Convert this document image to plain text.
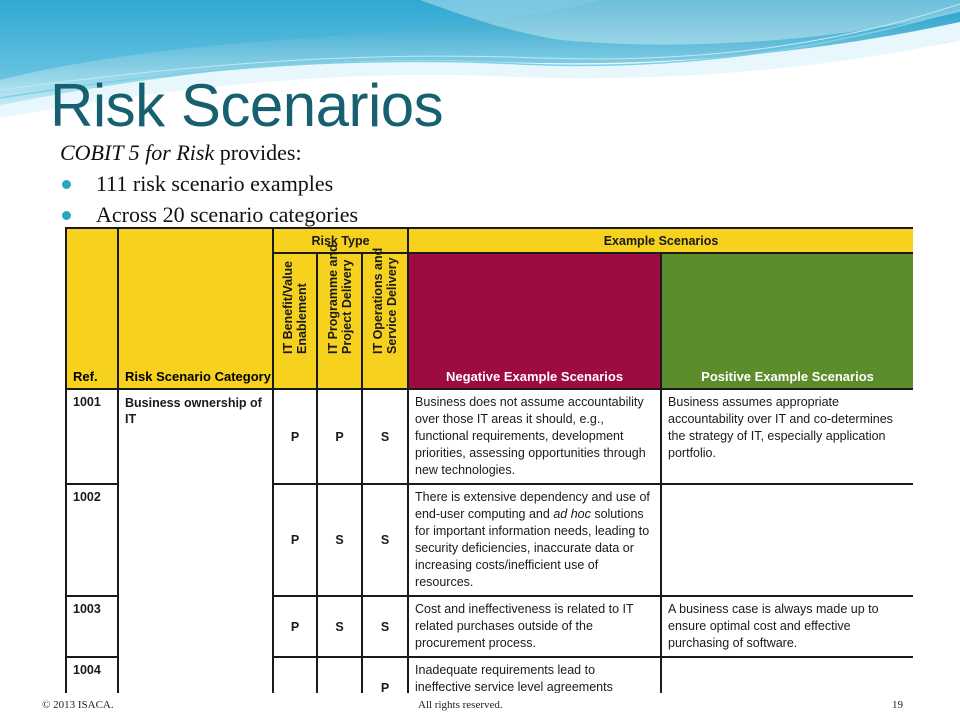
Risk Scenarios
COBIT 5 for Risk provides:
111 risk scenario examples
Across 20 scenario categories
Ref.	Risk Scenario Category	Risk Type			Example Scenarios	

		IT Benefit/Value Enablement	IT Programme and Project Delivery	IT Operations and Service Delivery	Negative Example Scenarios	Positive Example Scenarios
1001	Business ownership of IT	P	P	S	Business does not assume accountability over those IT areas it should, e.g., functional requirements, development priorities, assessing opportunities through new technologies.	Business assumes appropriate accountability over IT and co-determines the strategy of IT, especially application portfolio.
1002		P	S	S	There is extensive dependency and use of end-user computing and ad hoc solutions for important information needs, leading to security deficiencies, inaccurate data or increasing costs/inefficient use of resources.	
1003		P	S	S	Cost and ineffectiveness is related to IT related purchases outside of the procurement process.	A business case is always made up to ensure optimal cost and effective purchasing of software.
1004				P	Inadequate requirements lead to ineffective service level agreements	
© 2013 ISACA.	All rights reserved.	19
